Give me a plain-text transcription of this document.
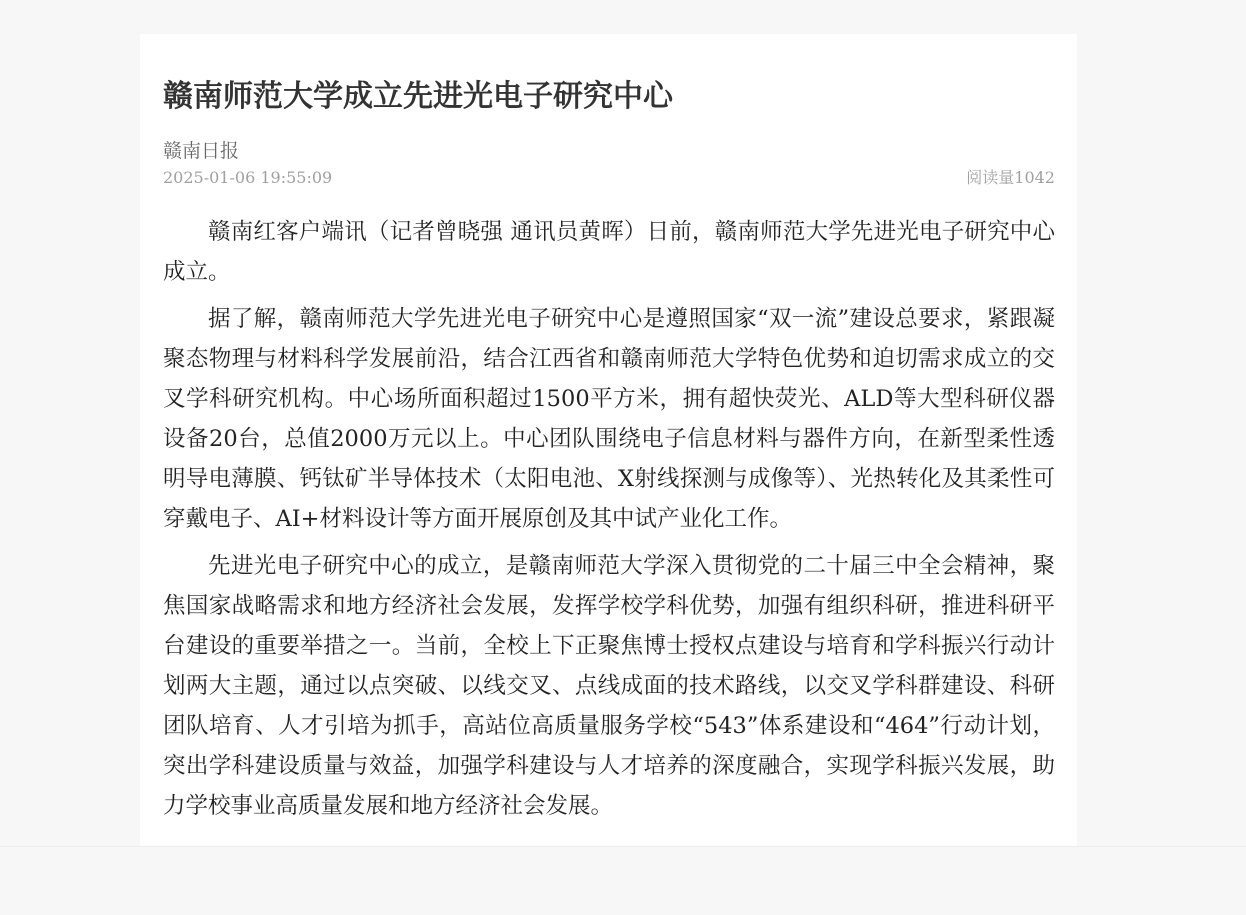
赣南师范大学成立先进光电子研究中心
赣南日报
2025-01-06 19:55:09	阅读量1042

赣南红客户端讯（记者曾晓强 通讯员黄晖）日前，赣南师范大学先进光电子研究中心成立。

据了解，赣南师范大学先进光电子研究中心是遵照国家“双一流”建设总要求，紧跟凝聚态物理与材料科学发展前沿，结合江西省和赣南师范大学特色优势和迫切需求成立的交叉学科研究机构。中心场所面积超过1500平方米，拥有超快荧光、ALD等大型科研仪器设备20台，总值2000万元以上。中心团队围绕电子信息材料与器件方向，在新型柔性透明导电薄膜、钙钛矿半导体技术（太阳电池、X射线探测与成像等）、光热转化及其柔性可穿戴电子、AI+材料设计等方面开展原创及其中试产业化工作。

先进光电子研究中心的成立，是赣南师范大学深入贯彻党的二十届三中全会精神，聚焦国家战略需求和地方经济社会发展，发挥学校学科优势，加强有组织科研，推进科研平台建设的重要举措之一。当前，全校上下正聚焦博士授权点建设与培育和学科振兴行动计划两大主题，通过以点突破、以线交叉、点线成面的技术路线，以交叉学科群建设、科研团队培育、人才引培为抓手，高站位高质量服务学校“543”体系建设和“464”行动计划，突出学科建设质量与效益，加强学科建设与人才培养的深度融合，实现学科振兴发展，助力学校事业高质量发展和地方经济社会发展。
